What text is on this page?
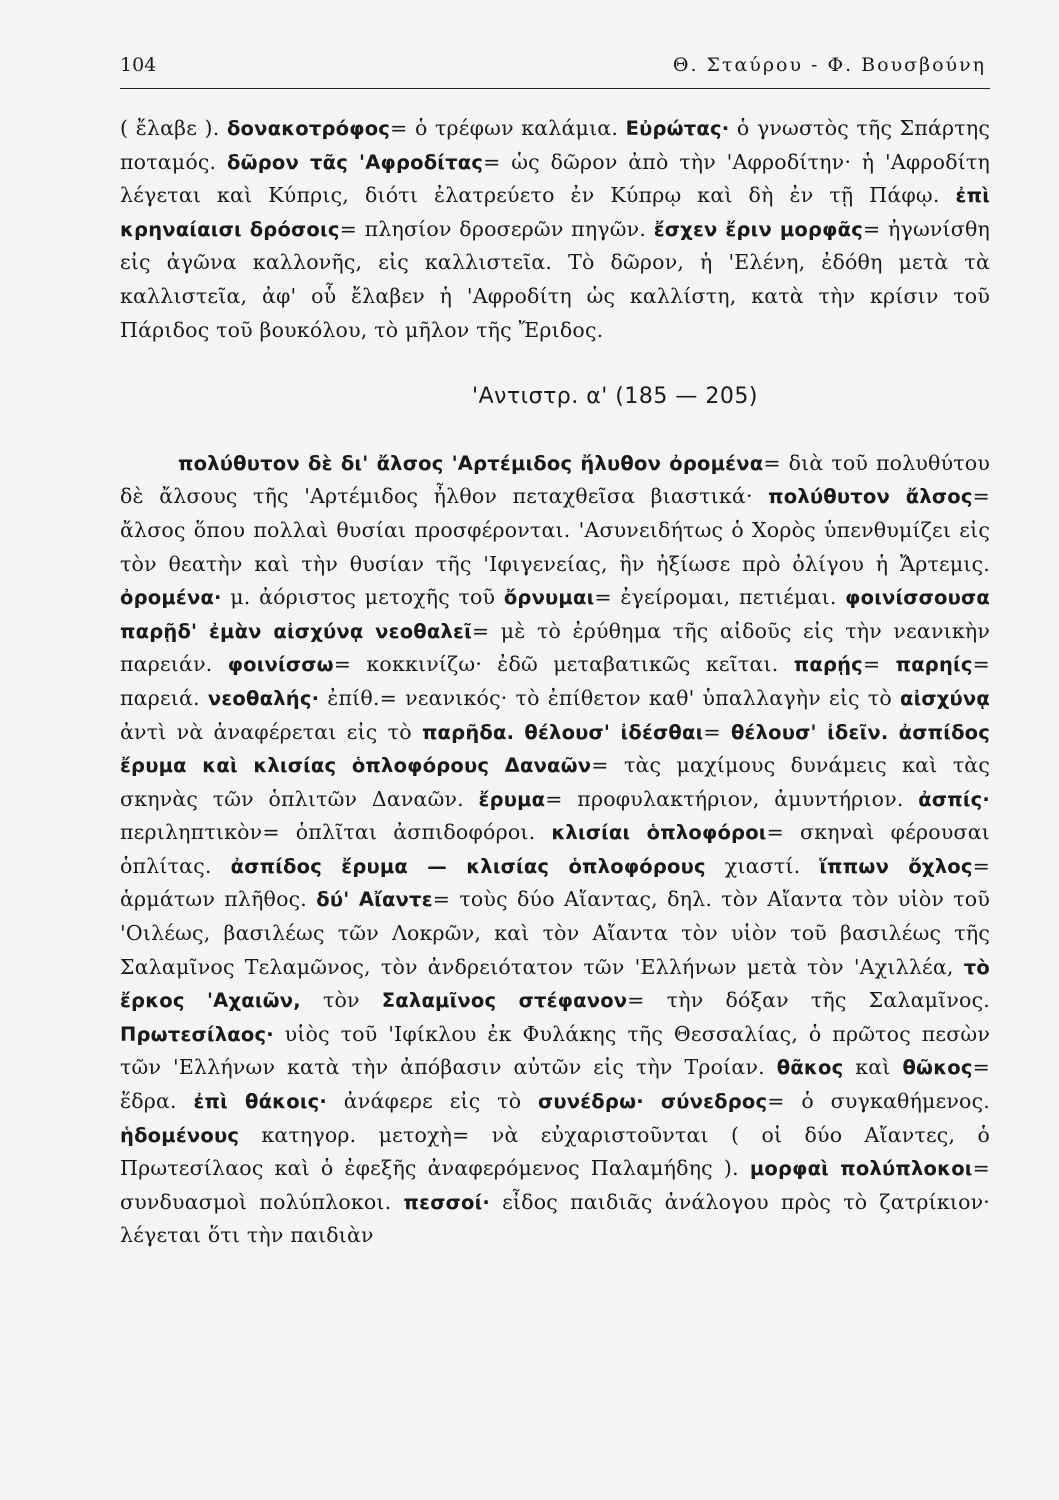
104	Θ. Σταύρου - Φ. Βουσβούνη

( ἔλαβε ). δονακοτρόφος= ὁ τρέφων καλάμια. Εὐρώτας· ὁ γνωστὸς τῆς Σπάρτης ποταμός. δῶρον τᾶς 'Αφροδίτας= ὡς δῶρον ἀπὸ τὴν 'Αφροδίτην· ἡ 'Αφροδίτη λέγεται καὶ Κύπρις, διότι ἐλατρεύετο ἐν Κύπρῳ καὶ δὴ ἐν τῇ Πάφῳ. ἐπὶ κρηναίαισι δρόσοις= πλησίον δροσερῶν πηγῶν. ἔσχεν ἔριν μορφᾶς= ἠγωνίσθη εἰς ἀγῶνα καλλονῆς, εἰς καλλιστεῖα. Τὸ δῶρον, ἡ 'Ελένη, ἐδόθη μετὰ τὰ καλλιστεῖα, ἀφ' οὗ ἔλαβεν ἡ 'Αφροδίτη ὡς καλλίστη, κατὰ τὴν κρίσιν τοῦ Πάριδος τοῦ βουκόλου, τὸ μῆλον τῆς Ἔριδος.

'Αντιστρ. α' (185 — 205)

πολύθυτον δὲ δι' ἄλσος 'Αρτέμιδος ἤλυθον ὀρομένα= διὰ τοῦ πολυθύτου δὲ ἄλσους τῆς 'Αρτέμιδος ἦλθον πεταχθεῖσα βιαστικά· πολύθυτον ἄλσος= ἄλσος ὅπου πολλαὶ θυσίαι προσφέρονται. 'Ασυνειδήτως ὁ Χορὸς ὑπενθυμίζει εἰς τὸν θεατὴν καὶ τὴν θυσίαν τῆς 'Ιφιγενείας, ἣν ἠξίωσε πρὸ ὀλίγου ἡ Ἄρτεμις. ὀρομένα· μ. ἀόριστος μετοχῆς τοῦ ὄρνυμαι= ἐγείρομαι, πετιέμαι. φοινίσσουσα παρῇδ' ἐμὰν αἰσχύνᾳ νεοθαλεῖ= μὲ τὸ ἐρύθημα τῆς αἰδοῦς εἰς τὴν νεανικὴν παρειάν. φοινίσσω= κοκκινίζω· ἐδῶ μεταβατικῶς κεῖται. παρῄς= παρηίς= παρειά. νεοθαλής· ἐπίθ.= νεανικός· τὸ ἐπίθετον καθ' ὑπαλλαγὴν εἰς τὸ αἰσχύνᾳ ἀντὶ νὰ ἀναφέρεται εἰς τὸ παρῆδα. θέλουσ' ἰδέσθαι= θέλουσ' ἰδεῖν. ἀσπίδος ἔρυμα καὶ κλισίας ὁπλοφόρους Δαναῶν= τὰς μαχίμους δυνάμεις καὶ τὰς σκηνὰς τῶν ὁπλιτῶν Δαναῶν. ἔρυμα= προφυλακτήριον, ἀμυντήριον. ἀσπίς· περιληπτικὸν= ὁπλῖται ἀσπιδοφόροι. κλισίαι ὁπλοφόροι= σκηναὶ φέρουσαι ὁπλίτας. ἀσπίδος ἔρυμα — κλισίας ὁπλοφόρους χιαστί. ἵππων ὄχλος= ἁρμάτων πλῆθος. δύ' Αἴαντε= τοὺς δύο Αἴαντας, δηλ. τὸν Αἴαντα τὸν υἱὸν τοῦ 'Οιλέως, βασιλέως τῶν Λοκρῶν, καὶ τὸν Αἴαντα τὸν υἱὸν τοῦ βασιλέως τῆς Σαλαμῖνος Τελαμῶνος, τὸν ἀνδρειότατον τῶν 'Ελλήνων μετὰ τὸν 'Αχιλλέα, τὸ ἔρκος 'Αχαιῶν, τὸν Σαλαμῖνος στέφανον= τὴν δόξαν τῆς Σαλαμῖνος. Πρωτεσίλαος· υἱὸς τοῦ 'Ιφίκλου ἐκ Φυλάκης τῆς Θεσσαλίας, ὁ πρῶτος πεσὼν τῶν 'Ελλήνων κατὰ τὴν ἀπόβασιν αὐτῶν εἰς τὴν Τροίαν. θᾶκος καὶ θῶκος= ἕδρα. ἐπὶ θάκοις· ἀνάφερε εἰς τὸ συνέδρω· σύνεδρος= ὁ συγκαθήμενος. ἡδομένους κατηγορ. μετοχὴ= νὰ εὐχαριστοῦνται ( οἱ δύο Αἴαντες, ὁ Πρωτεσίλαος καὶ ὁ ἐφεξῆς ἀναφερόμενος Παλαμήδης ). μορφαὶ πολύπλοκοι= συνδυασμοὶ πολύπλοκοι. πεσσοί· εἶδος παιδιᾶς ἀνάλογου πρὸς τὸ ζατρίκιον· λέγεται ὅτι τὴν παιδιὰν
